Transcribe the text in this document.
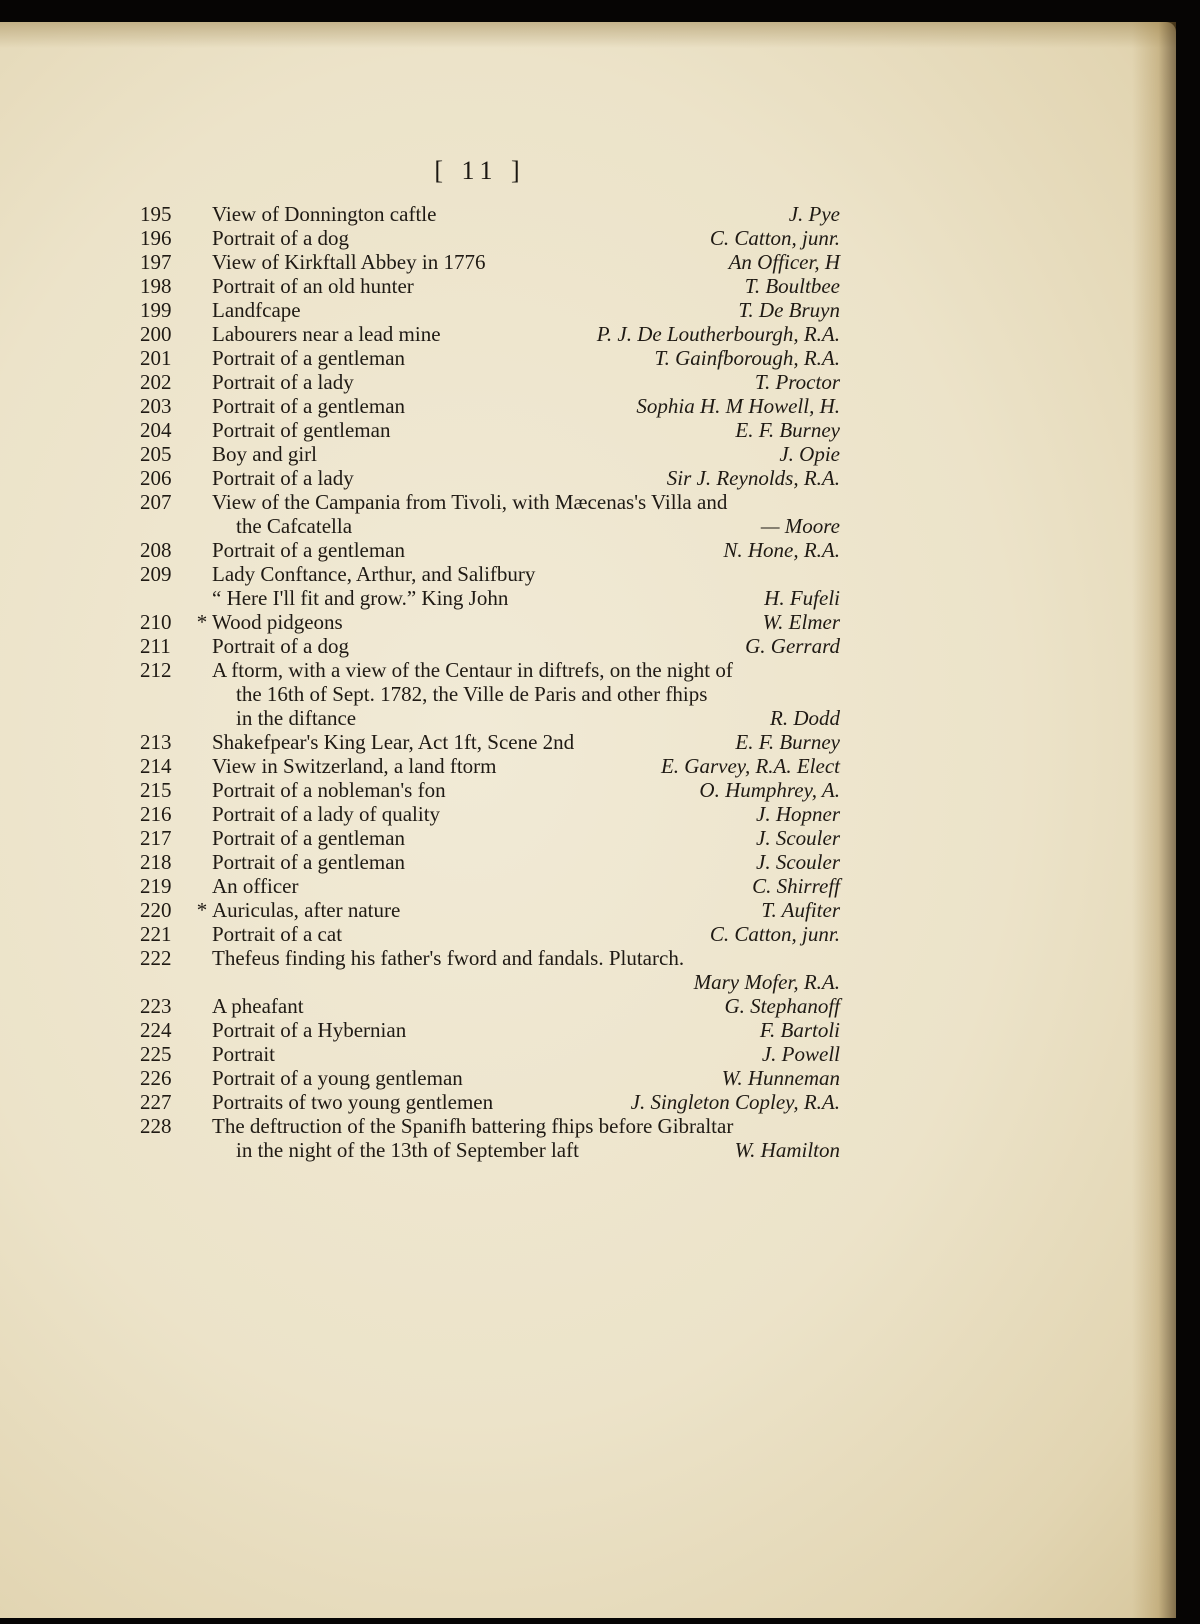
[ 11 ]
195	View of Donnington caftle	J. Pye
196	Portrait of a dog	C. Catton, junr.
197	View of Kirkftall Abbey in 1776	An Officer, H
198	Portrait of an old hunter	T. Boultbee
199	Landfcape	T. De Bruyn
200	Labourers near a lead mine	P. J. De Loutherbourgh, R.A.
201	Portrait of a gentleman	T. Gainfborough, R.A.
202	Portrait of a lady	T. Proctor
203	Portrait of a gentleman	Sophia H. M Howell, H.
204	Portrait of gentleman	E. F. Burney
205	Boy and girl	J. Opie
206	Portrait of a lady	Sir J. Reynolds, R.A.
207	View of the Campania from Tivoli, with Mæcenas's Villa and
the Cafcatella	— Moore
208	Portrait of a gentleman	N. Hone, R.A.
209	Lady Conftance, Arthur, and Salifbury
“ Here I'll fit and grow.” King John	H. Fufeli
210	* Wood pidgeons	W. Elmer
211	Portrait of a dog	G. Gerrard
212	A ftorm, with a view of the Centaur in diftrefs, on the night of
the 16th of Sept. 1782, the Ville de Paris and other fhips
in the diftance	R. Dodd
213	Shakefpear's King Lear, Act 1ft, Scene 2nd	E. F. Burney
214	View in Switzerland, a land ftorm	E. Garvey, R.A. Elect
215	Portrait of a nobleman's fon	O. Humphrey, A.
216	Portrait of a lady of quality	J. Hopner
217	Portrait of a gentleman	J. Scouler
218	Portrait of a gentleman	J. Scouler
219	An officer	C. Shirreff
220	* Auriculas, after nature	T. Aufiter
221	Portrait of a cat	C. Catton, junr.
222	Thefeus finding his father's fword and fandals. Plutarch.
Mary Mofer, R.A.
223	A pheafant	G. Stephanoff
224	Portrait of a Hybernian	F. Bartoli
225	Portrait	J. Powell
226	Portrait of a young gentleman	W. Hunneman
227	Portraits of two young gentlemen	J. Singleton Copley, R.A.
228	The deftruction of the Spanifh battering fhips before Gibraltar
in the night of the 13th of September laft	W. Hamilton
